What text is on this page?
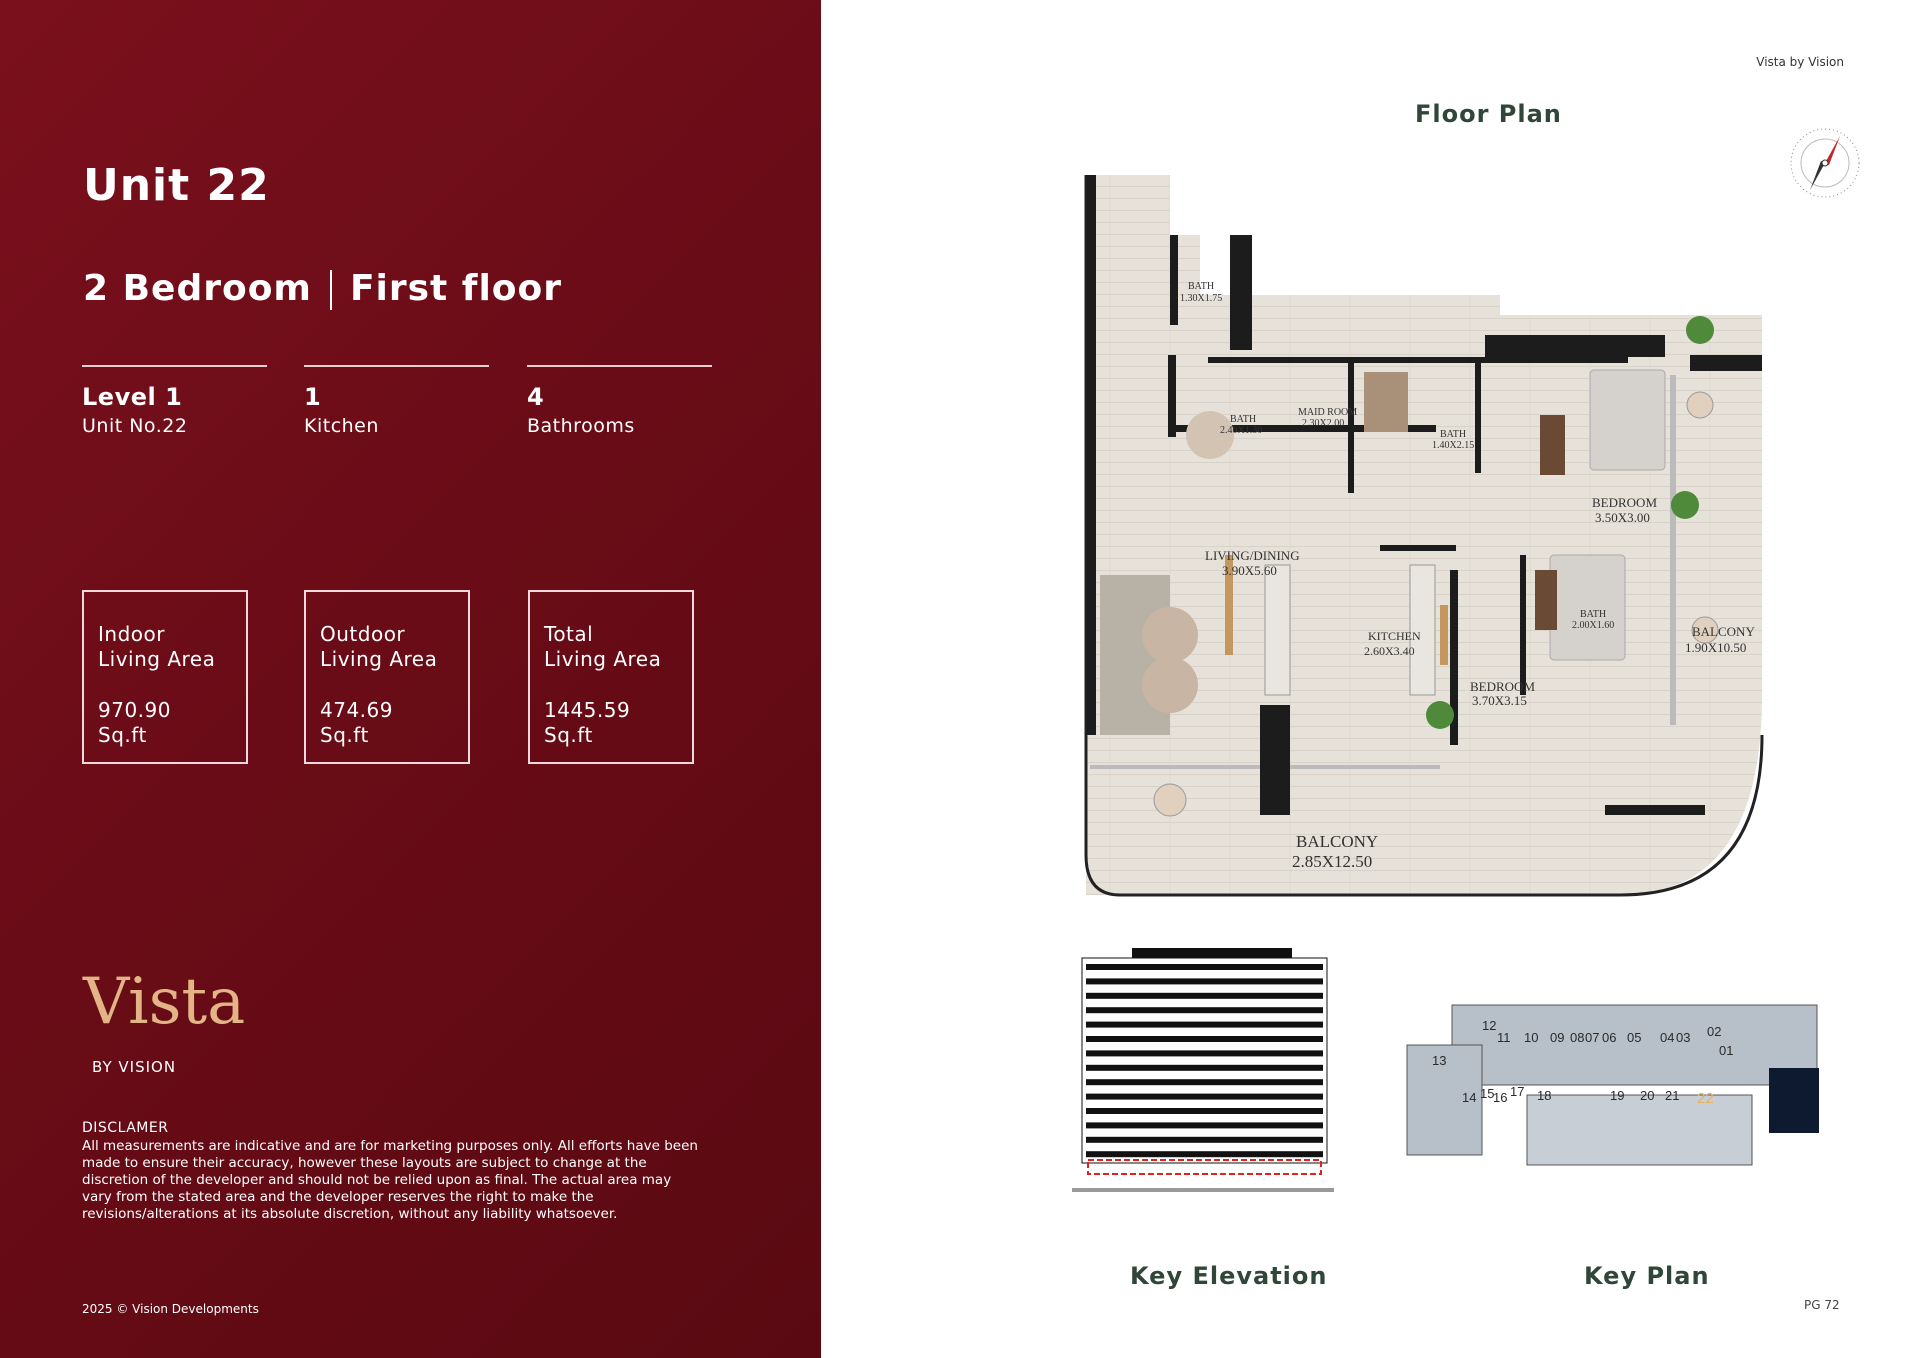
Unit 22
2 Bedroom First floor
Level 1
Unit No.22
1
Kitchen
4
Bathrooms
Indoor
Living Area
970.90
Sq.ft
Outdoor
Living Area
474.69
Sq.ft
Total
Living Area
1445.59
Sq.ft
Vista
BY VISION
DISCLAMER
All measurements are indicative and are for marketing purposes only. All efforts have been made to ensure their accuracy, however these layouts are subject to change at the discretion of the developer and should not be relied upon as final. The actual area may vary from the stated area and the developer reserves the right to make the revisions/alterations at its absolute discretion, without any liability whatsoever.
2025 © Vision Developments
Vista by Vision
Floor Plan
BATH
1.30X1.75
BATH
2.40X1.30
MAID ROOM
2.30X2.00
BATH
1.40X2.15
BEDROOM
3.50X3.00
LIVING/DINING
3.90X5.60
KITCHEN
2.60X3.40
BATH
2.00X1.60	BALCONY
1.90X10.50
BEDROOM
3.70X3.15
BALCONY
2.85X12.50
Key Elevation
12
11 10 09 08 07 06 05 04 03 02
01
13
14 15
16 17 18	19 20 21 22
Key Plan
PG 72
